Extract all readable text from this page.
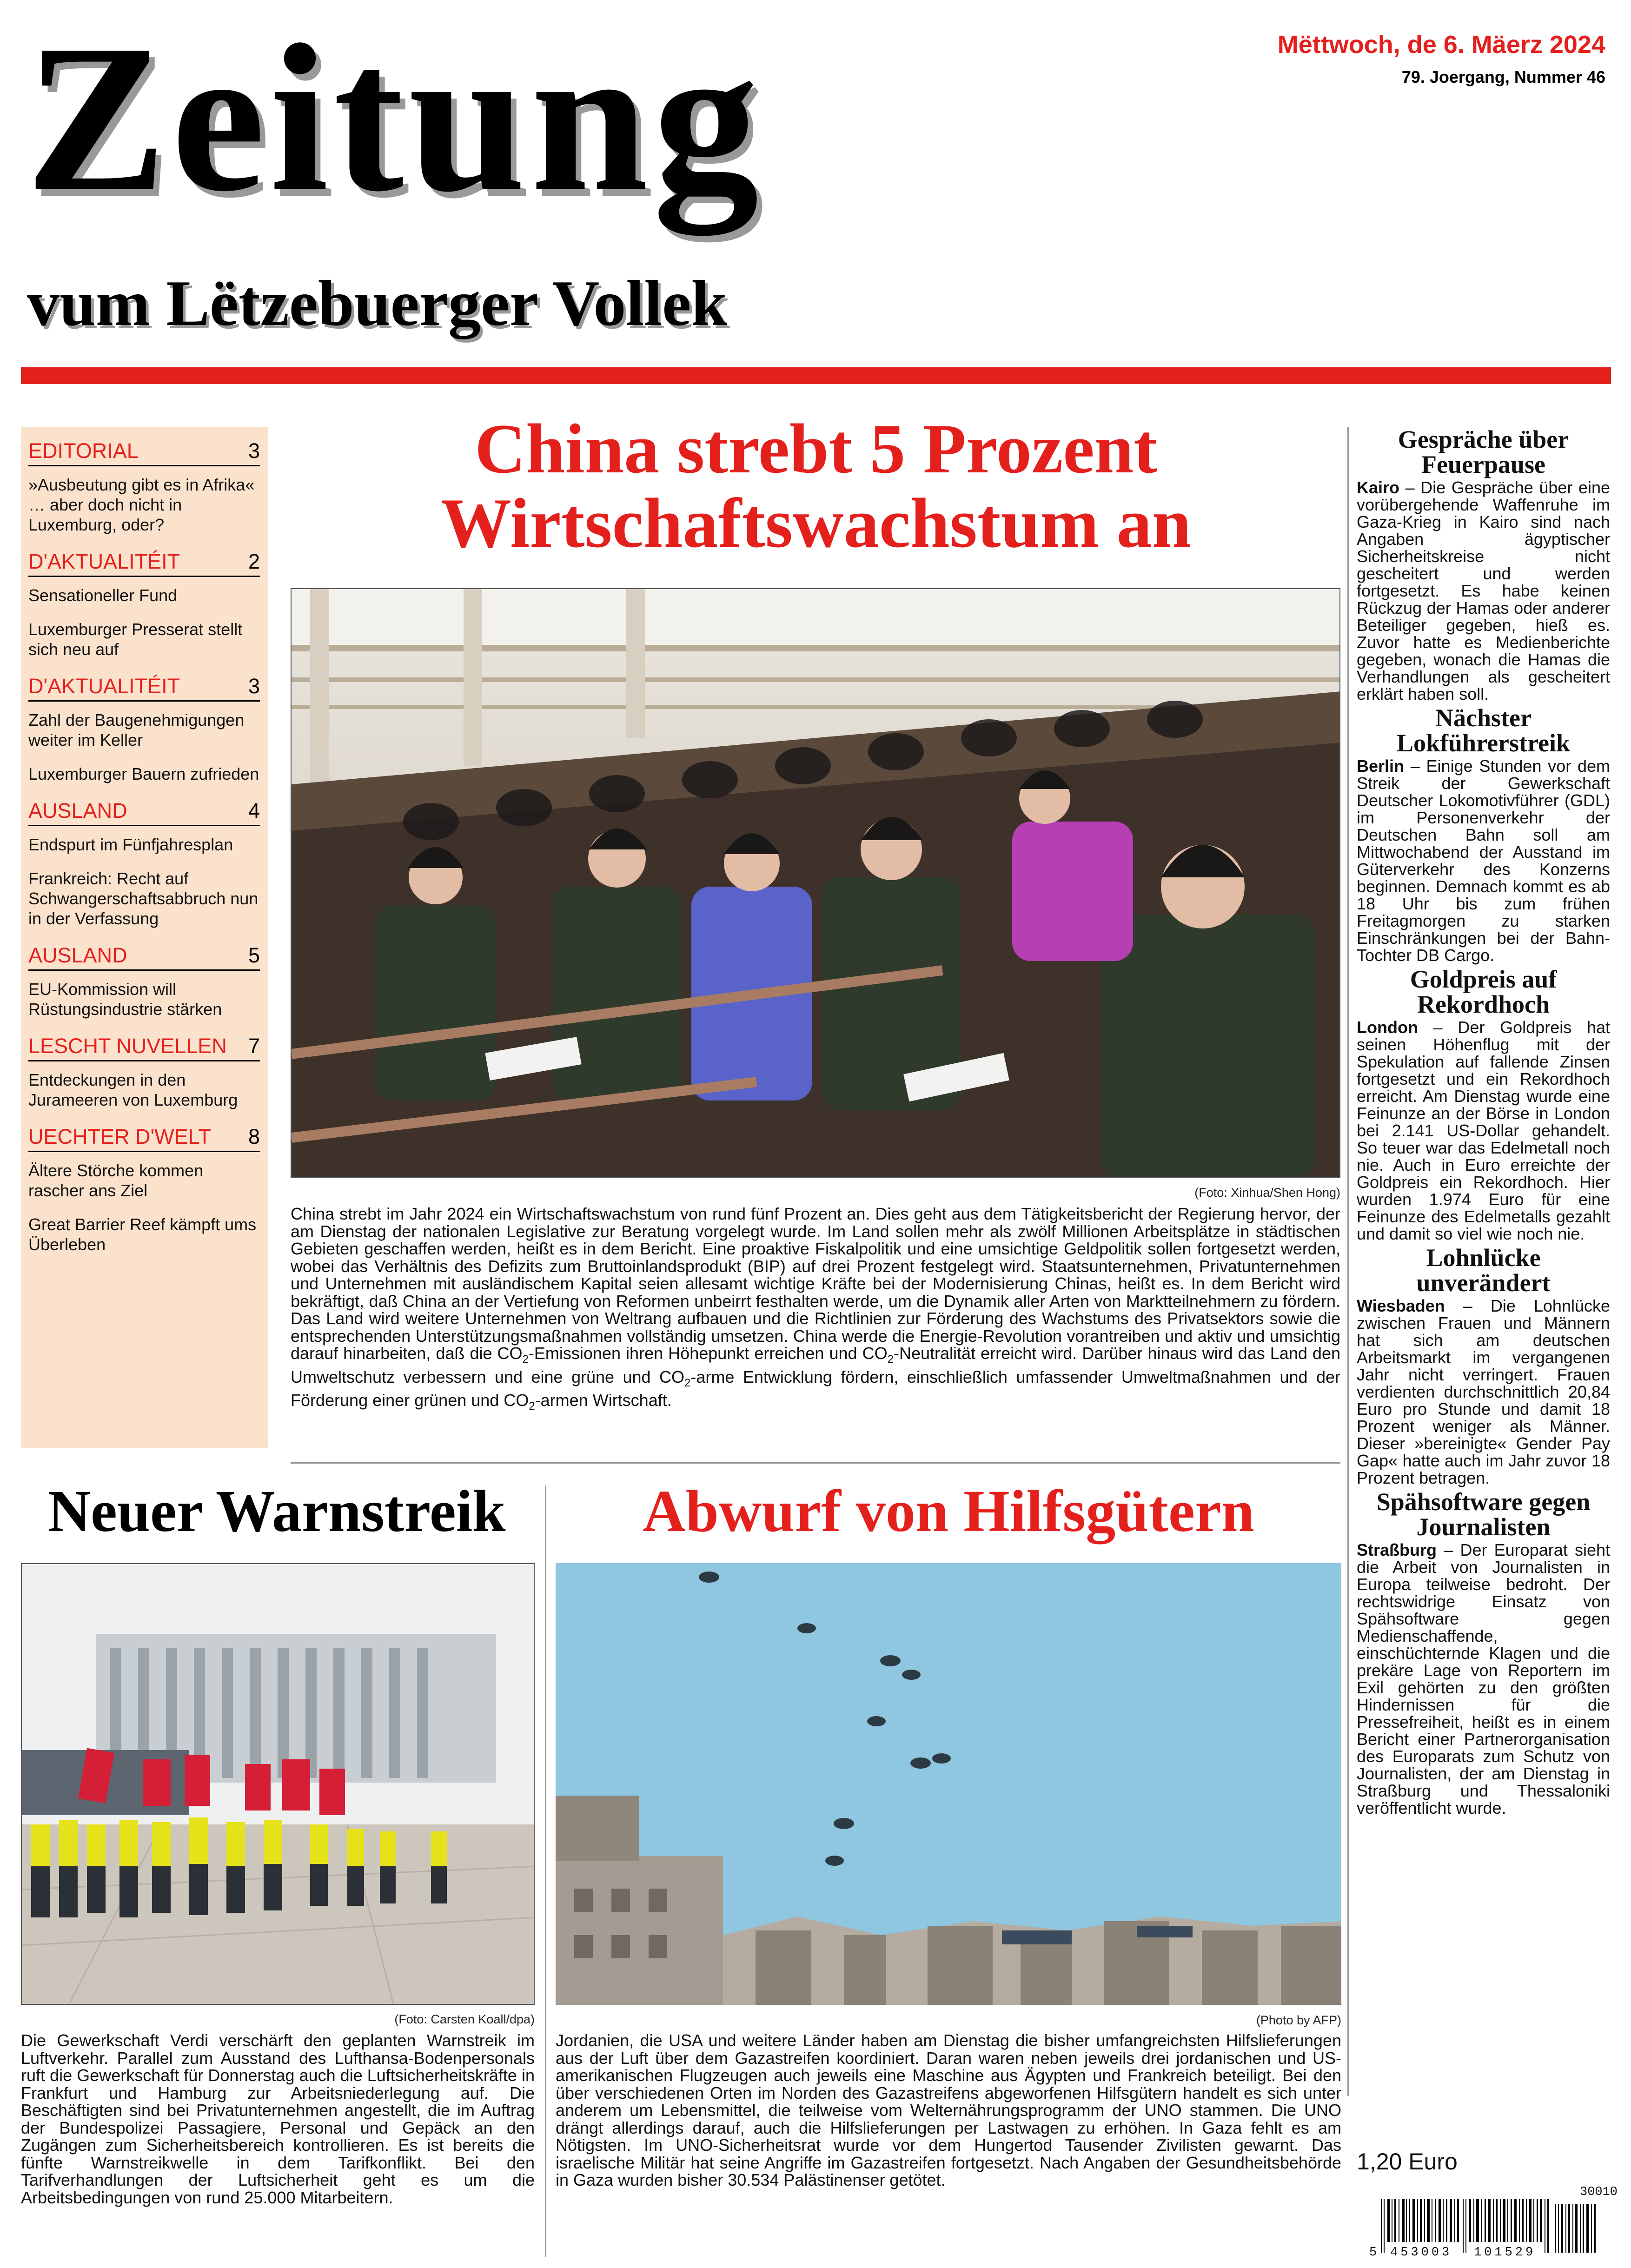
Zeitung
vum Lëtzebuerger Vollek
Mëttwoch, de 6. Mäerz 2024
79. Joergang, Nummer 46
EDITORIAL	3
»Ausbeutung gibt es in Afrika« … aber doch nicht in Luxemburg, oder?
D'AKTUALITÉIT	2
Sensationeller Fund
Luxemburger Presserat stellt sich neu auf
D'AKTUALITÉIT	3
Zahl der Baugenehmigungen weiter im Keller
Luxemburger Bauern zufrieden
AUSLAND	4
Endspurt im Fünfjahresplan
Frankreich: Recht auf Schwangerschaftsabbruch nun in der Verfassung
AUSLAND	5
EU-Kommission will Rüstungsindustrie stärken
LESCHT NUVELLEN 7
Entdeckungen in den Jurameeren von Luxemburg
UECHTER D'WELT 8
Ältere Störche kommen rascher ans Ziel
Great Barrier Reef kämpft ums Überleben
China strebt 5 Prozent
Wirtschaftswachstum an
(Foto: Xinhua/Shen Hong)
China strebt im Jahr 2024 ein Wirtschaftswachstum von rund fünf Prozent an. Dies geht aus dem Tätigkeitsbericht der Regierung hervor, der am Dienstag der nationalen Legislative zur Beratung vorgelegt wurde. Im Land sollen mehr als zwölf Millionen Arbeitsplätze in städtischen Gebieten geschaffen werden, heißt es in dem Bericht. Eine proaktive Fiskalpolitik und eine umsichtige Geldpolitik sollen fortgesetzt werden, wobei das Verhältnis des Defizits zum Bruttoinlandsprodukt (BIP) auf drei Prozent festgelegt wird. Staatsunternehmen, Privatunternehmen und Unternehmen mit ausländischem Kapital seien allesamt wichtige Kräfte bei der Modernisierung Chinas, heißt es. In dem Bericht wird bekräftigt, daß China an der Vertiefung von Reformen unbeirrt festhalten werde, um die Dynamik aller Arten von Marktteilnehmern zu fördern. Das Land wird weitere Unternehmen von Weltrang aufbauen und die Richtlinien zur Förderung des Wachstums des Privatsektors sowie die entsprechenden Unterstützungsmaßnahmen vollständig umsetzen. China werde die Energie-Revolution vorantreiben und aktiv und umsichtig darauf hinarbeiten, daß die $CO_2$-Emissionen ihren Höhepunkt erreichen und $CO_2$-Neutralität erreicht wird. Darüber hinaus wird das Land den Umweltschutz verbessern und eine grüne und $CO_2$-arme Entwicklung fördern, einschließlich umfassender Umweltmaßnahmen und der Förderung einer grünen und $CO_2$-armen Wirtschaft.
Neuer Warnstreik
(Foto: Carsten Koall/dpa)
Die Gewerkschaft Verdi verschärft den geplanten Warnstreik im Luftverkehr. Parallel zum Ausstand des Lufthansa-Bodenpersonals ruft die Gewerkschaft für Donnerstag auch die Luftsicherheitskräfte in Frankfurt und Hamburg zur Arbeitsniederlegung auf. Die Beschäftigten sind bei Privatunternehmen angestellt, die im Auftrag der Bundespolizei Passagiere, Personal und Gepäck an den Zugängen zum Sicherheitsbereich kontrollieren. Es ist bereits die fünfte Warnstreikwelle in dem Tarifkonflikt. Bei den Tarifverhandlungen der Luftsicherheit geht es um die Arbeitsbedingungen von rund 25.000 Mitarbeitern.
Abwurf von Hilfsgütern
(Photo by AFP)
Jordanien, die USA und weitere Länder haben am Dienstag die bisher umfangreichsten Hilfslieferungen aus der Luft über dem Gazastreifen koordiniert. Daran waren neben jeweils drei jordanischen und US-amerikanischen Flugzeugen auch jeweils eine Maschine aus Ägypten und Frankreich beteiligt. Bei den über verschiedenen Orten im Norden des Gazastreifens abgeworfenen Hilfsgütern handelt es sich unter anderem um Lebensmittel, die teilweise vom Welternährungsprogramm der UNO stammen. Die UNO drängt allerdings darauf, auch die Hilfslieferungen per Lastwagen zu erhöhen. In Gaza fehlt es am Nötigsten. Im UNO-Sicherheitsrat wurde vor dem Hungertod Tausender Zivilisten gewarnt. Das israelische Militär hat seine Angriffe im Gazastreifen fortgesetzt. Nach Angaben der Gesundheitsbehörde in Gaza wurden bisher 30.534 Palästinenser getötet.
Gespräche über Feuerpause
Kairo – Die Gespräche über eine vorübergehende Waffenruhe im Gaza-Krieg in Kairo sind nach Angaben ägyptischer Sicherheitskreise nicht gescheitert und werden fortgesetzt. Es habe keinen Rückzug der Hamas oder anderer Beteiliger gegeben, hieß es. Zuvor hatte es Medienberichte gegeben, wonach die Hamas die Verhandlungen als gescheitert erklärt haben soll.
Nächster Lokführerstreik
Berlin – Einige Stunden vor dem Streik der Gewerkschaft Deutscher Lokomotivführer (GDL) im Personenverkehr der Deutschen Bahn soll am Mittwochabend der Ausstand im Güterverkehr des Konzerns beginnen. Demnach kommt es ab 18 Uhr bis zum frühen Freitagmorgen zu starken Einschränkungen bei der Bahn-Tochter DB Cargo.
Goldpreis auf Rekordhoch
London – Der Goldpreis hat seinen Höhenflug mit der Spekulation auf fallende Zinsen fortgesetzt und ein Rekordhoch erreicht. Am Dienstag wurde eine Feinunze an der Börse in London bei 2.141 US-Dollar gehandelt. So teuer war das Edelmetall noch nie. Auch in Euro erreichte der Goldpreis ein Rekordhoch. Hier wurden 1.974 Euro für eine Feinunze des Edelmetalls gezahlt und damit so viel wie noch nie.
Lohnlücke unverändert
Wiesbaden – Die Lohnlücke zwischen Frauen und Männern hat sich am deutschen Arbeitsmarkt im vergangenen Jahr nicht verringert. Frauen verdienten durchschnittlich 20,84 Euro pro Stunde und damit 18 Prozent weniger als Männer. Dieser »bereinigte« Gender Pay Gap« hatte auch im Jahr zuvor 18 Prozent betragen.
Spähsoftware gegen Journalisten
Straßburg – Der Europarat sieht die Arbeit von Journalisten in Europa teilweise bedroht. Der rechtswidrige Einsatz von Spähsoftware gegen Medienschaffende, einschüchternde Klagen und die prekäre Lage von Reportern im Exil gehörten zu den größten Hindernissen für die Pressefreiheit, heißt es in einem Bericht einer Partnerorganisation des Europarats zum Schutz von Journalisten, der am Dienstag in Straßburg und Thessaloniki veröffentlicht wurde.
1,20 Euro
30010
5 453003 101529
